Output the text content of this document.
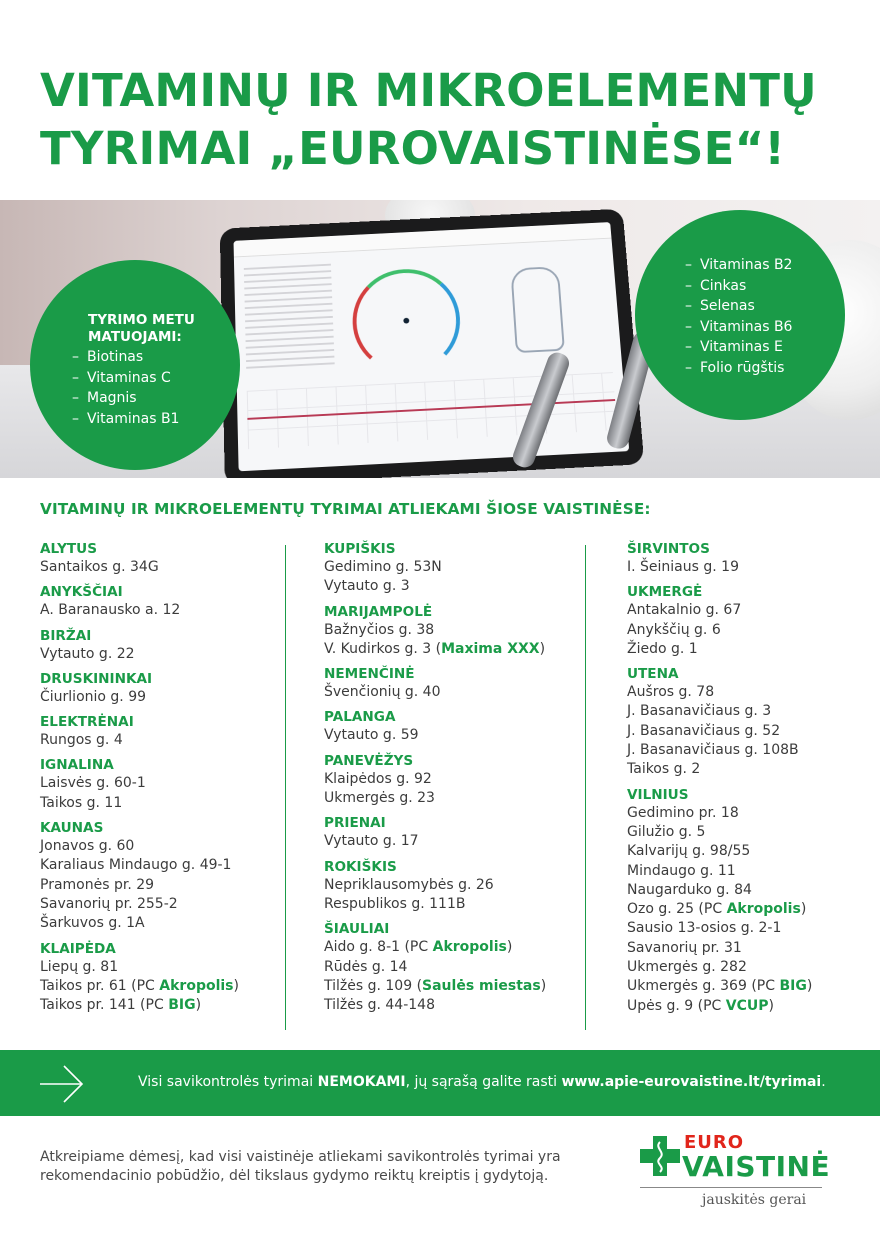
VITAMINŲ IR MIKROELEMENTŲ
TYRIMAI „EUROVAISTINĖSE“!
TYRIMO METU
MATUOJAMI:
– Biotinas
– Vitaminas C
– Magnis
– Vitaminas B1
– Vitaminas B2
– Cinkas
– Selenas
– Vitaminas B6
– Vitaminas E
– Folio rūgštis
VITAMINŲ IR MIKROELEMENTŲ TYRIMAI ATLIEKAMI ŠIOSE VAISTINĖSE:
ALYTUS
Santaikos g. 34G
ANYKŠČIAI
A. Baranausko a. 12
BIRŽAI
Vytauto g. 22
DRUSKININKAI
Čiurlionio g. 99
ELEKTRĖNAI
Rungos g. 4
IGNALINA
Laisvės g. 60-1
Taikos g. 11
KAUNAS
Jonavos g. 60
Karaliaus Mindaugo g. 49-1
Pramonės pr. 29
Savanorių pr. 255-2
Šarkuvos g. 1A
KLAIPĖDA
Liepų g. 81
Taikos pr. 61 (PC Akropolis)
Taikos pr. 141 (PC BIG)
KUPIŠKIS
Gedimino g. 53N
Vytauto g. 3
MARIJAMPOLĖ
Bažnyčios g. 38
V. Kudirkos g. 3 (Maxima XXX)
NEMENČINĖ
Švenčionių g. 40
PALANGA
Vytauto g. 59
PANEVĖŽYS
Klaipėdos g. 92
Ukmergės g. 23
PRIENAI
Vytauto g. 17
ROKIŠKIS
Nepriklausomybės g. 26
Respublikos g. 111B
ŠIAULIAI
Aido g. 8-1 (PC Akropolis)
Rūdės g. 14
Tilžės g. 109 (Saulės miestas)
Tilžės g. 44-148
ŠIRVINTOS
I. Šeiniaus g. 19
UKMERGĖ
Antakalnio g. 67
Anykščių g. 6
Žiedo g. 1
UTENA
Aušros g. 78
J. Basanavičiaus g. 3
J. Basanavičiaus g. 52
J. Basanavičiaus g. 108B
Taikos g. 2
VILNIUS
Gedimino pr. 18
Gilužio g. 5
Kalvarijų g. 98/55
Mindaugo g. 11
Naugarduko g. 84
Ozo g. 25 (PC Akropolis)
Sausio 13-osios g. 2-1
Savanorių pr. 31
Ukmergės g. 282
Ukmergės g. 369 (PC BIG)
Upės g. 9 (PC VCUP)
Visi savikontrolės tyrimai NEMOKAMI, jų sąrašą galite rasti www.apie-eurovaistine.lt/tyrimai.
Atkreipiame dėmesį, kad visi vaistinėje atliekami savikontrolės tyrimai yra
rekomendacinio pobūdžio, dėl tikslaus gydymo reiktų kreiptis į gydytoją.
EURO
VAISTINĖ
jauskitės gerai
